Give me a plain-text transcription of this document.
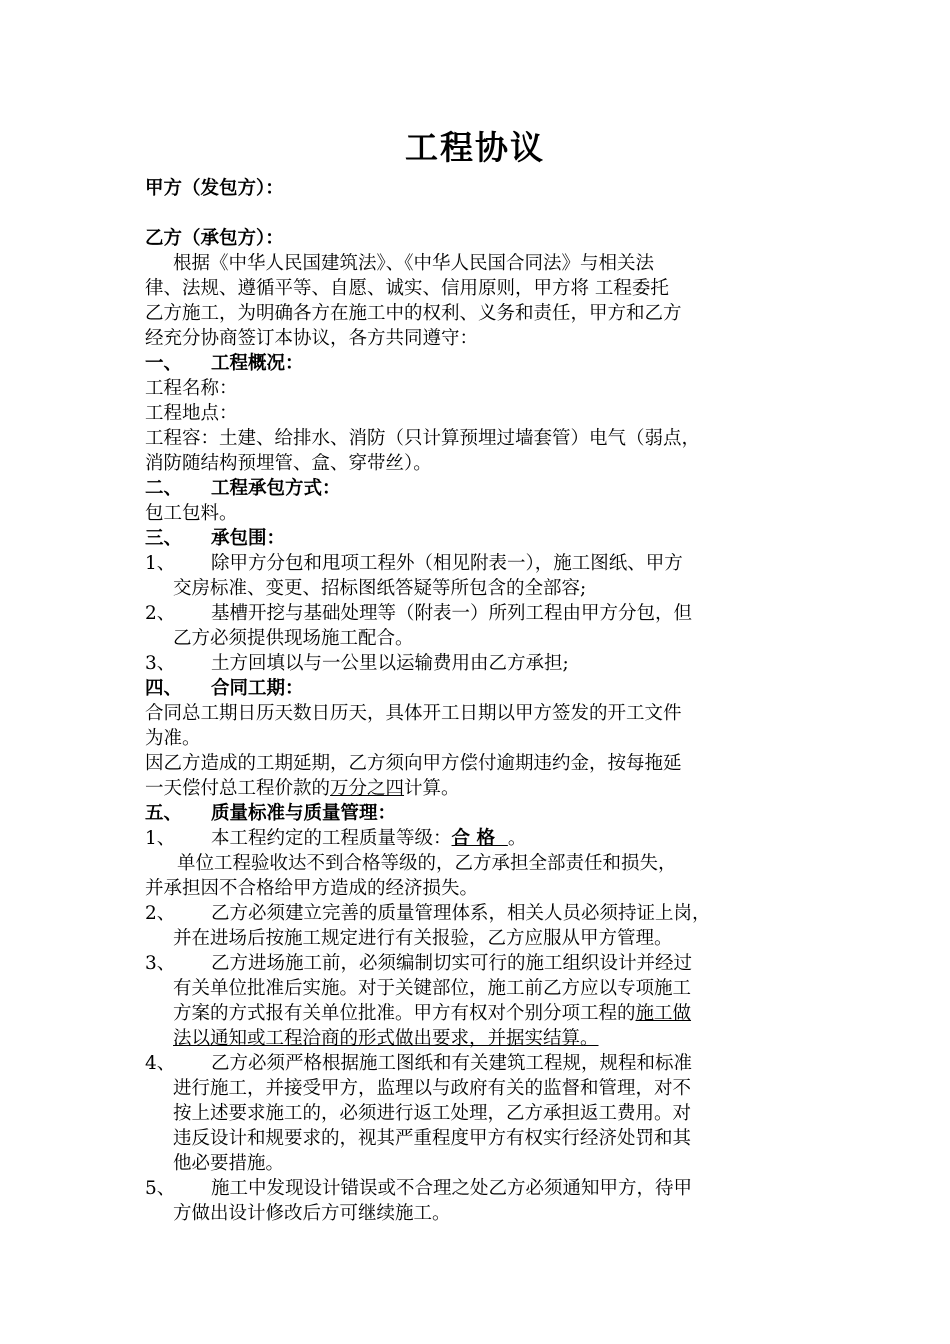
工程协议
甲方（发包方）：
乙方（承包方）：
根据《中华人民国建筑法》、《中华人民国合同法》与相关法
律、法规、遵循平等、自愿、诚实、信用原则，甲方将 工程委托
乙方施工，为明确各方在施工中的权利、义务和责任，甲方和乙方
经充分协商签订本协议，各方共同遵守：
一、 工程概况：
工程名称：
工程地点：
工程容：土建、给排水、消防（只计算预埋过墙套管）电气（弱点，
消防随结构预埋管、盒、穿带丝）。
二、 工程承包方式：
包工包料。
三、 承包围：
1、 除甲方分包和甩项工程外（相见附表一），施工图纸、甲方
交房标准、变更、招标图纸答疑等所包含的全部容;
2、 基槽开挖与基础处理等（附表一）所列工程由甲方分包，但
乙方必须提供现场施工配合。
3、 土方回填以与一公里以运输费用由乙方承担;
四、 合同工期：
合同总工期日历天数日历天，具体开工日期以甲方签发的开工文件
为准。
因乙方造成的工期延期，乙方须向甲方偿付逾期违约金，按每拖延
一天偿付总工程价款的万分之四计算。
五、 质量标准与质量管理：
1、 本工程约定的工程质量等级：合 格  。
单位工程验收达不到合格等级的，乙方承担全部责任和损失，
并承担因不合格给甲方造成的经济损失。
2、 乙方必须建立完善的质量管理体系，相关人员必须持证上岗，
并在进场后按施工规定进行有关报验，乙方应服从甲方管理。
3、 乙方进场施工前，必须编制切实可行的施工组织设计并经过
有关单位批准后实施。对于关键部位，施工前乙方应以专项施工
方案的方式报有关单位批准。甲方有权对个别分项工程的施工做
法以通知或工程洽商的形式做出要求，并据实结算。
4、 乙方必须严格根据施工图纸和有关建筑工程规，规程和标准
进行施工，并接受甲方，监理以与政府有关的监督和管理，对不
按上述要求施工的，必须进行返工处理，乙方承担返工费用。对
违反设计和规要求的，视其严重程度甲方有权实行经济处罚和其
他必要措施。
5、 施工中发现设计错误或不合理之处乙方必须通知甲方，待甲
方做出设计修改后方可继续施工。
